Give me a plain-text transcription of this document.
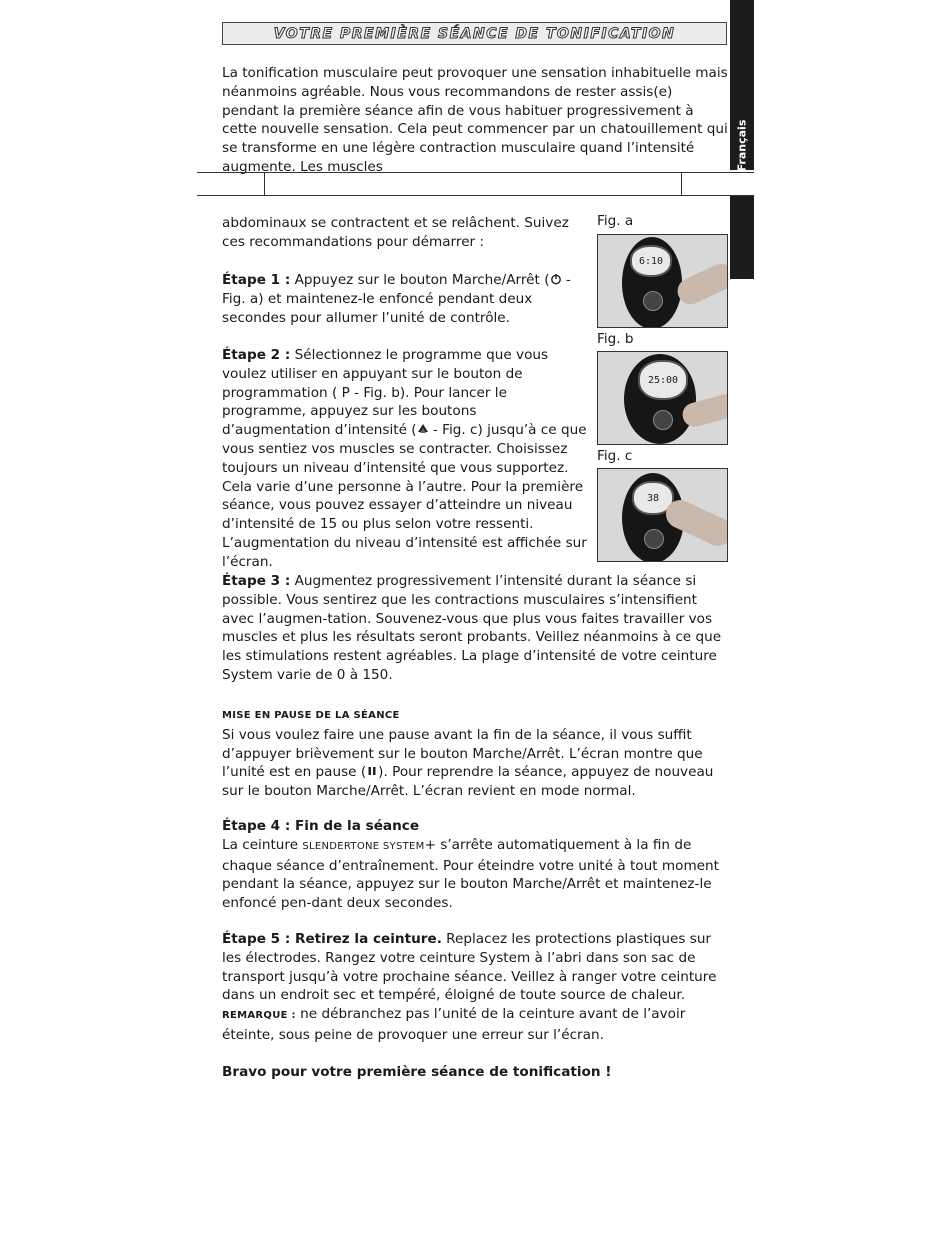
VOTRE PREMIÈRE SÉANCE DE TONIFICATION
Français

La tonification musculaire peut provoquer une sensation inhabituelle mais néanmoins agréable. Nous vous recommandons de rester assis(e) pendant la première séance afin de vous habituer progressivement à cette nouvelle sensation. Cela peut commencer par un chatouillement qui se transforme en une légère contraction musculaire quand l’intensité augmente. Les muscles

abdominaux se contractent et se relâchent. Suivez ces recommandations pour démarrer :

Étape 1 : Appuyez sur le bouton Marche/Arrêt ( - Fig. a) et maintenez-le enfoncé pendant deux secondes pour allumer l’unité de contrôle.

Étape 2 : Sélectionnez le programme que vous voulez utiliser en appuyant sur le bouton de programmation ( P - Fig. b). Pour lancer le programme, appuyez sur les boutons d’augmentation d’intensité ( - Fig. c) jusqu’à ce que vous sentiez vos muscles se contracter. Choisissez toujours un niveau d’intensité que vous supportez. Cela varie d’une personne à l’autre. Pour la première séance, vous pouvez essayer d’atteindre un niveau d’intensité de 15 ou plus selon votre ressenti. L’augmentation du niveau d’intensité est affichée sur l’écran.

Fig. a

6:10

Fig. b

25:00

Fig. c

38

Étape 3 : Augmentez progressivement l’intensité durant la séance si possible. Vous sentirez que les contractions musculaires s’intensifient avec l’augmen-tation. Souvenez-vous que plus vous faites travailler vos muscles et plus les résultats seront probants. Veillez néanmoins à ce que les stimulations restent agréables. La plage d’intensité de votre ceinture System varie de 0 à 150.

MISE EN PAUSE DE LA SÉANCE
Si vous voulez faire une pause avant la fin de la séance, il vous suffit d’appuyer brièvement sur le bouton Marche/Arrêt. L’écran montre que l’unité est en pause ( ). Pour reprendre la séance, appuyez de nouveau sur le bouton Marche/Arrêt. L’écran revient en mode normal.

Étape 4 : Fin de la séance
La ceinture SLENDERTONE SYSTEM+ s’arrête automatiquement à la fin de chaque séance d’entraînement. Pour éteindre votre unité à tout moment pendant la séance, appuyez sur le bouton Marche/Arrêt et maintenez-le enfoncé pen-dant deux secondes.

Étape 5 : Retirez la ceinture. Replacez les protections plastiques sur les électrodes. Rangez votre ceinture System à l’abri dans son sac de transport jusqu’à votre prochaine séance. Veillez à ranger votre ceinture dans un endroit sec et tempéré, éloigné de toute source de chaleur.
REMARQUE : ne débranchez pas l’unité de la ceinture avant de l’avoir éteinte, sous peine de provoquer une erreur sur l’écran.

Bravo pour votre première séance de tonification !
